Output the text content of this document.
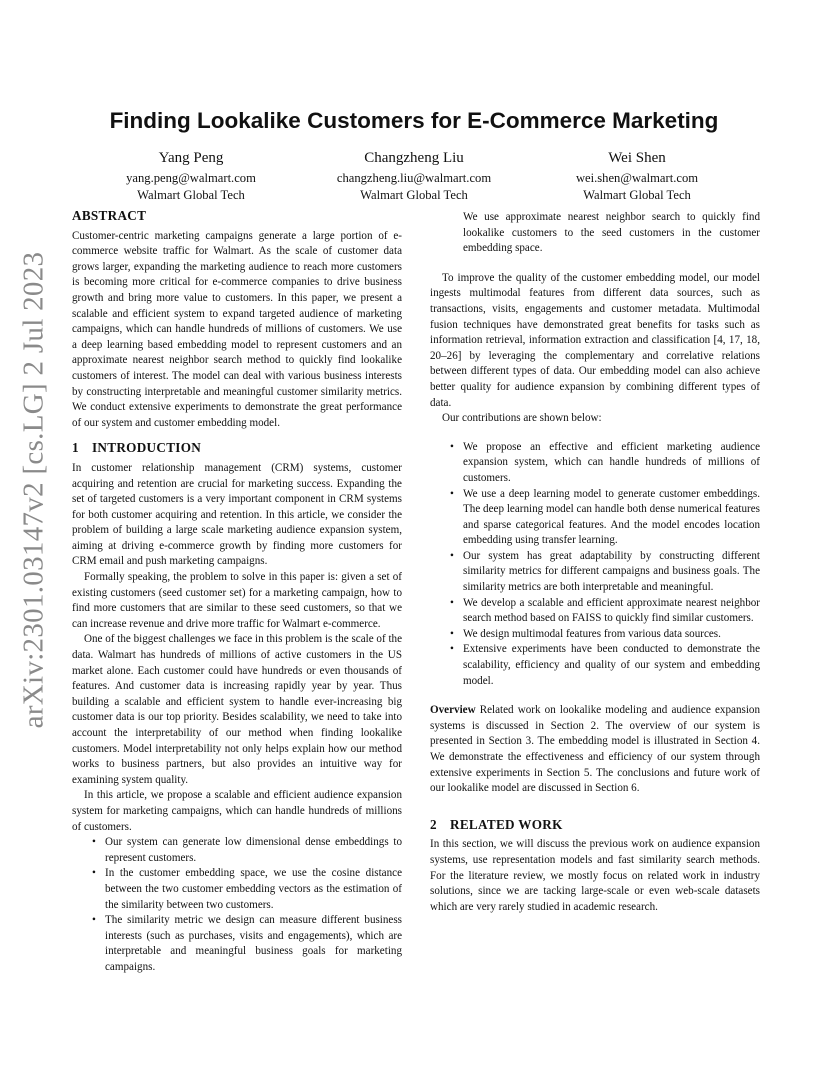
arXiv:2301.03147v2 [cs.LG] 2 Jul 2023
Finding Lookalike Customers for E-Commerce Marketing
Yang Peng
yang.peng@walmart.com
Walmart Global Tech
Changzheng Liu
changzheng.liu@walmart.com
Walmart Global Tech
Wei Shen
wei.shen@walmart.com
Walmart Global Tech
ABSTRACT

Customer-centric marketing campaigns generate a large portion of e-commerce website traffic for Walmart. As the scale of customer data grows larger, expanding the marketing audience to reach more customers is becoming more critical for e-commerce companies to drive business growth and bring more value to customers. In this paper, we present a scalable and efficient system to expand targeted audience of marketing campaigns, which can handle hundreds of millions of customers. We use a deep learning based embedding model to represent customers and an approximate nearest neighbor search method to quickly find lookalike customers of interest. The model can deal with various business interests by constructing interpretable and meaningful customer similarity metrics. We conduct extensive experiments to demonstrate the great performance of our system and customer embedding model.

1 INTRODUCTION

In customer relationship management (CRM) systems, customer acquiring and retention are crucial for marketing success. Expanding the set of targeted customers is a very important component in CRM systems for both customer acquiring and retention. In this article, we consider the problem of building a large scale marketing audience expansion system, aiming at driving e-commerce growth by finding more customers for CRM email and push marketing campaigns.

Formally speaking, the problem to solve in this paper is: given a set of existing customers (seed customer set) for a marketing campaign, how to find more customers that are similar to these seed customers, so that we can increase revenue and drive more traffic for Walmart e-commerce.

One of the biggest challenges we face in this problem is the scale of the data. Walmart has hundreds of millions of active customers in the US market alone. Each customer could have hundreds or even thousands of features. And customer data is increasing rapidly year by year. Thus building a scalable and efficient system to handle ever-increasing big customer data is our top priority. Besides scalability, we need to take into account the interpretability of our method when finding lookalike customers. Model interpretability not only helps explain how our method works to business partners, but also provides an intuitive way for examining system quality.

In this article, we propose a scalable and efficient audience expansion system for marketing campaigns, which can handle hundreds of millions of customers.

• Our system can generate low dimensional dense embeddings to represent customers.
• In the customer embedding space, we use the cosine distance between the two customer embedding vectors as the estimation of the similarity between two customers.
• The similarity metric we design can measure different business interests (such as purchases, visits and engagements), which are interpretable and meaningful business goals for marketing campaigns.
We use approximate nearest neighbor search to quickly find lookalike customers to the seed customers in the customer embedding space.

To improve the quality of the customer embedding model, our model ingests multimodal features from different data sources, such as transactions, visits, engagements and customer metadata. Multimodal fusion techniques have demonstrated great benefits for tasks such as information retrieval, information extraction and classification [4, 17, 18, 20–26] by leveraging the complementary and correlative relations between different types of data. Our embedding model can also achieve better quality for audience expansion by combining different types of data.

Our contributions are shown below:

• We propose an effective and efficient marketing audience expansion system, which can handle hundreds of millions of customers.
• We use a deep learning model to generate customer embeddings. The deep learning model can handle both dense numerical features and sparse categorical features. And the model encodes location embedding using transfer learning.
• Our system has great adaptability by constructing different similarity metrics for different campaigns and business goals. The similarity metrics are both interpretable and meaningful.
• We develop a scalable and efficient approximate nearest neighbor search method based on FAISS to quickly find similar customers.
• We design multimodal features from various data sources.
• Extensive experiments have been conducted to demonstrate the scalability, efficiency and quality of our system and embedding model.

Overview Related work on lookalike modeling and audience expansion systems is discussed in Section 2. The overview of our system is presented in Section 3. The embedding model is illustrated in Section 4. We demonstrate the effectiveness and efficiency of our system through extensive experiments in Section 5. The conclusions and future work of our lookalike model are discussed in Section 6.

2 RELATED WORK

In this section, we will discuss the previous work on audience expansion systems, use representation models and fast similarity search methods. For the literature review, we mostly focus on related work in industry solutions, since we are tacking large-scale or even web-scale datasets which are very rarely studied in academic research.
